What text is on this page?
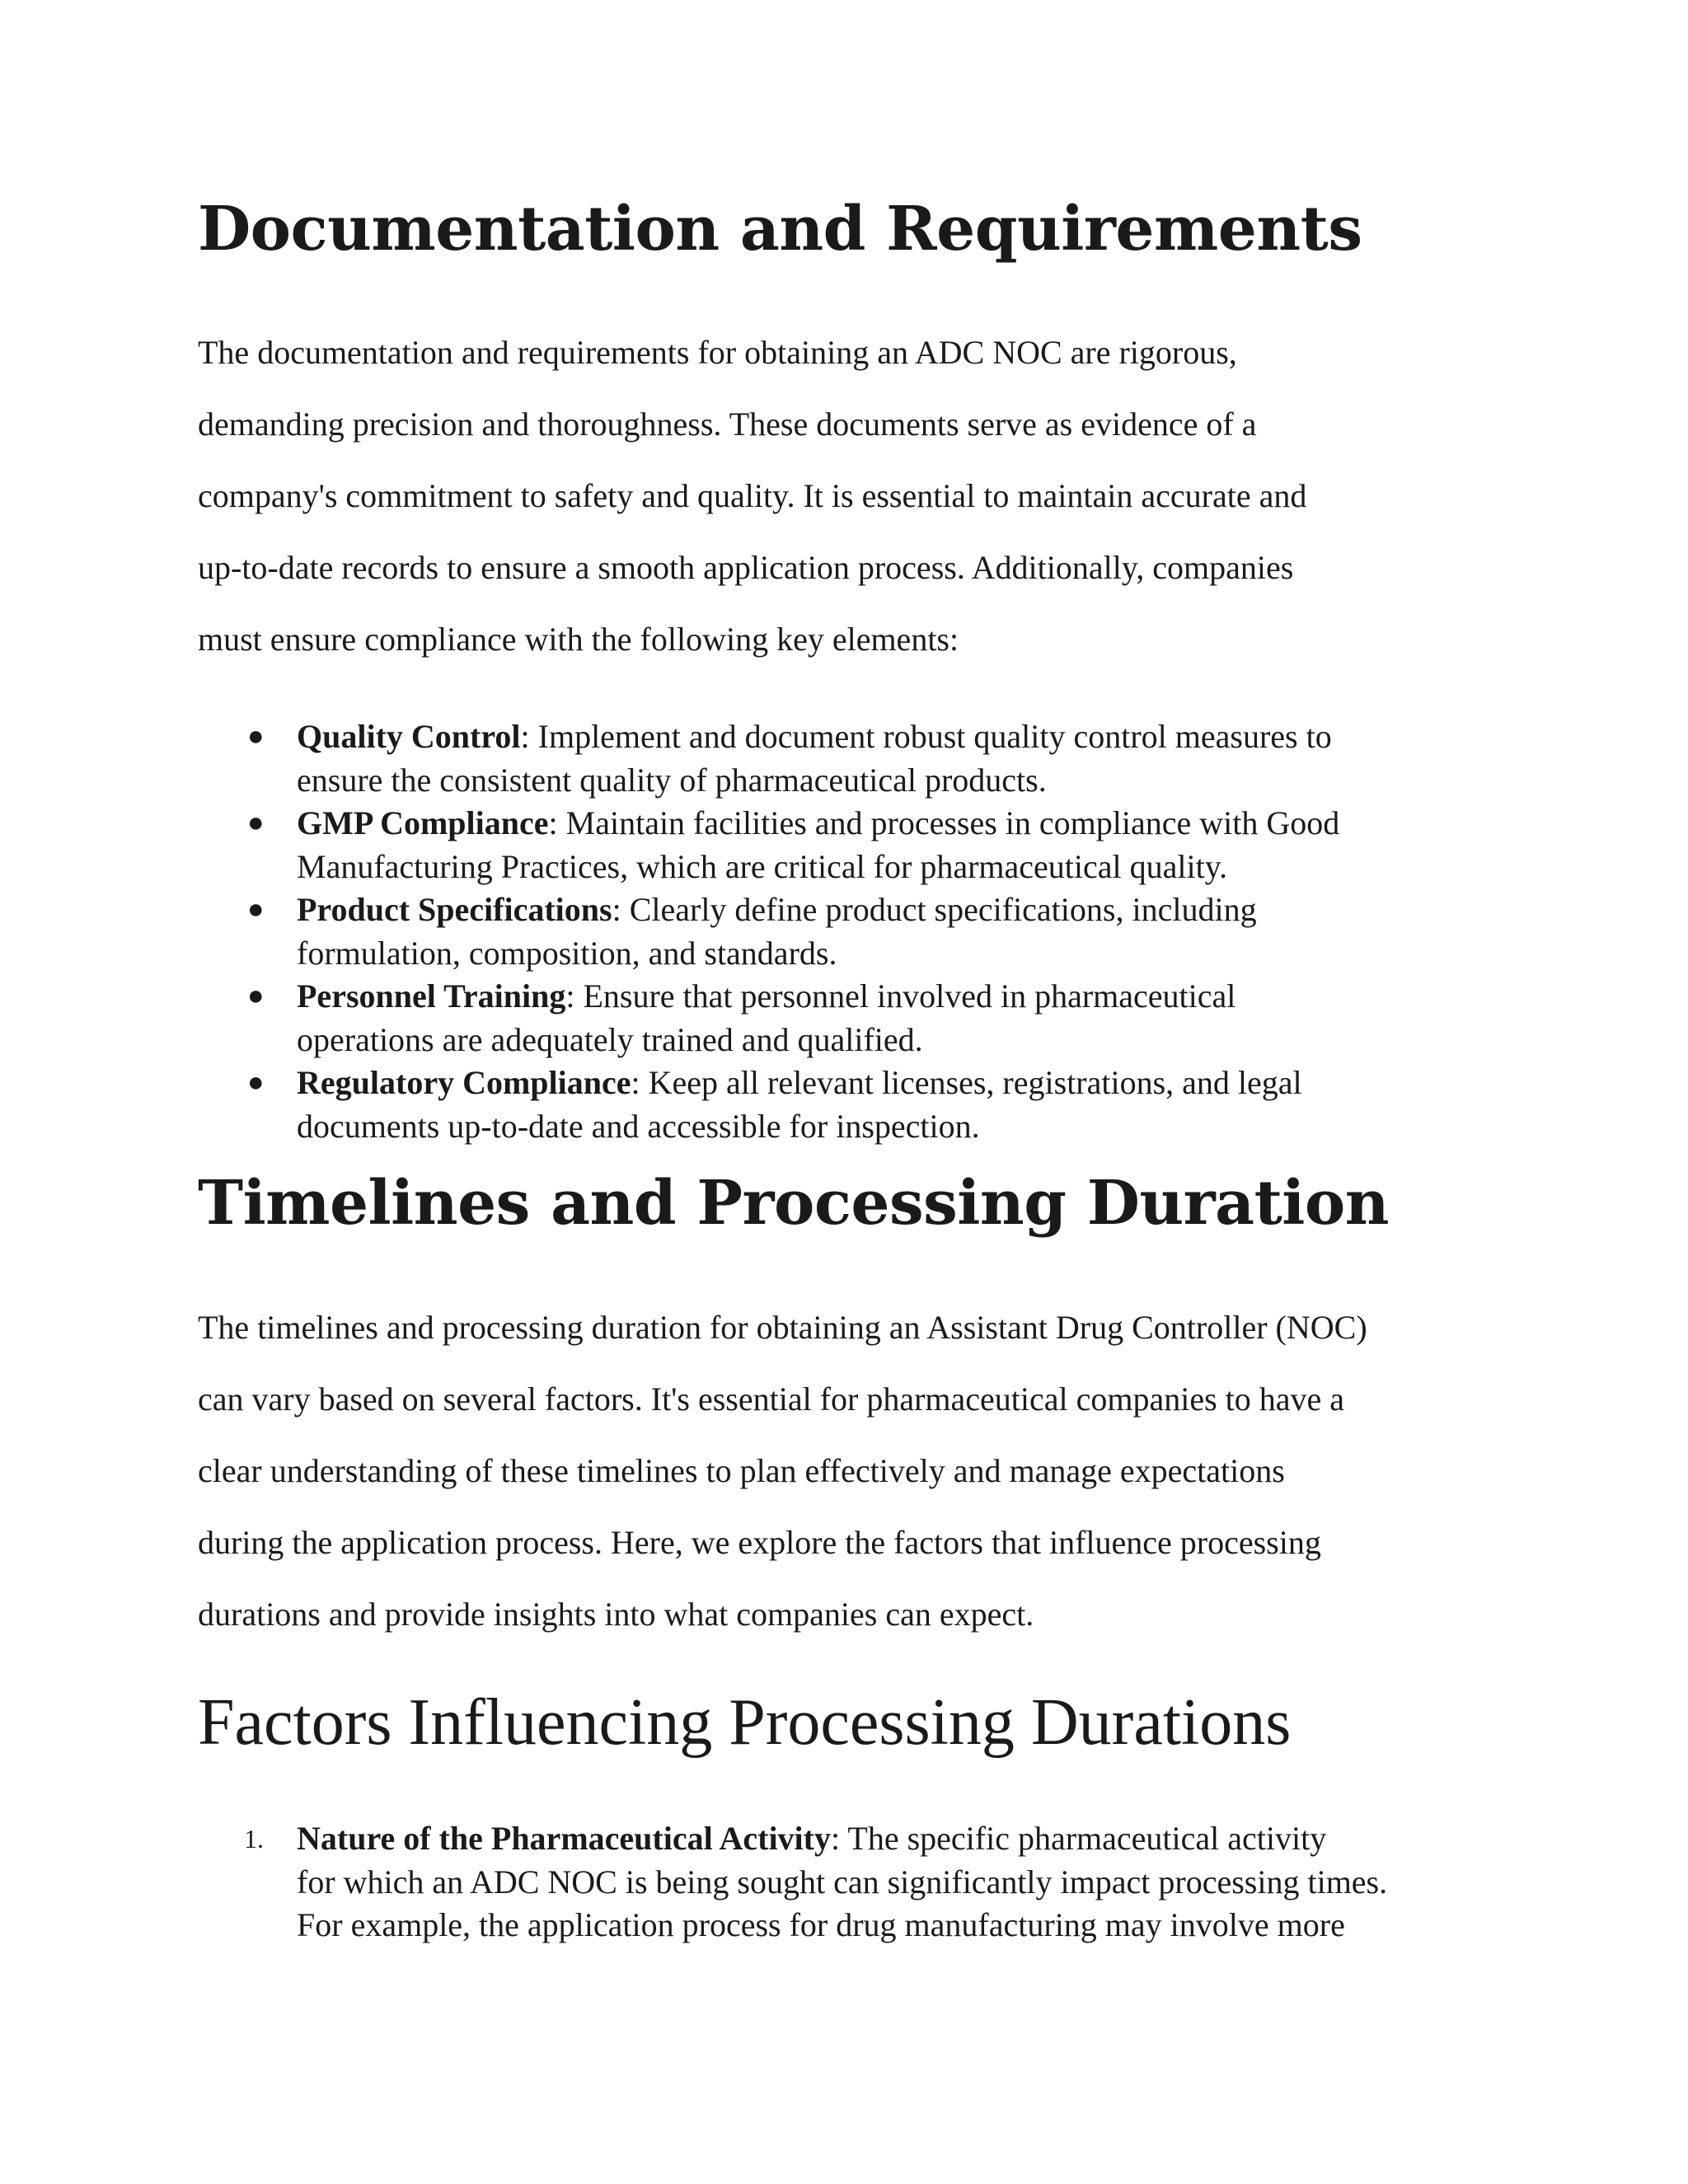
Documentation and Requirements

The documentation and requirements for obtaining an ADC NOC are rigorous,
demanding precision and thoroughness. These documents serve as evidence of a
company's commitment to safety and quality. It is essential to maintain accurate and
up-to-date records to ensure a smooth application process. Additionally, companies
must ensure compliance with the following key elements:

● Quality Control: Implement and document robust quality control measures to
ensure the consistent quality of pharmaceutical products.
● GMP Compliance: Maintain facilities and processes in compliance with Good
Manufacturing Practices, which are critical for pharmaceutical quality.
● Product Specifications: Clearly define product specifications, including
formulation, composition, and standards.
● Personnel Training: Ensure that personnel involved in pharmaceutical
operations are adequately trained and qualified.
● Regulatory Compliance: Keep all relevant licenses, registrations, and legal
documents up-to-date and accessible for inspection.
Timelines and Processing Duration

The timelines and processing duration for obtaining an Assistant Drug Controller (NOC)
can vary based on several factors. It's essential for pharmaceutical companies to have a
clear understanding of these timelines to plan effectively and manage expectations
during the application process. Here, we explore the factors that influence processing
durations and provide insights into what companies can expect.

Factors Influencing Processing Durations
1. Nature of the Pharmaceutical Activity: The specific pharmaceutical activity
for which an ADC NOC is being sought can significantly impact processing times.
For example, the application process for drug manufacturing may involve more
